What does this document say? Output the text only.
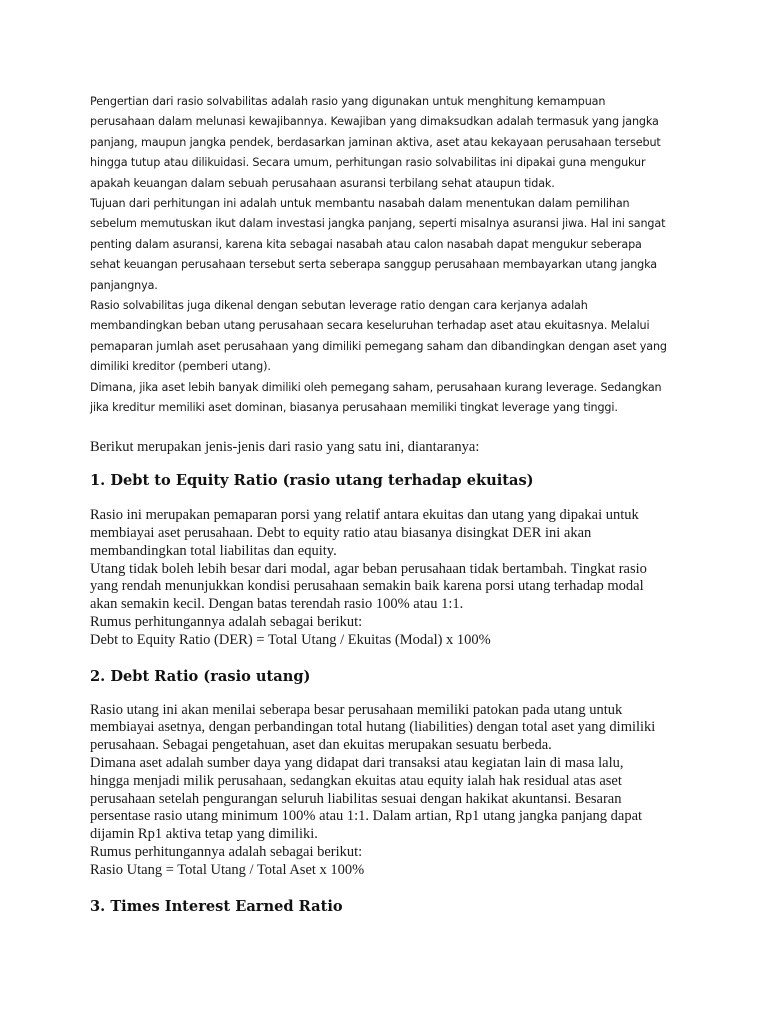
Pengertian dari rasio solvabilitas adalah rasio yang digunakan untuk menghitung kemampuan
perusahaan dalam melunasi kewajibannya. Kewajiban yang dimaksudkan adalah termasuk yang jangka
panjang, maupun jangka pendek, berdasarkan jaminan aktiva, aset atau kekayaan perusahaan tersebut
hingga tutup atau dilikuidasi. Secara umum, perhitungan rasio solvabilitas ini dipakai guna mengukur
apakah keuangan dalam sebuah perusahaan asuransi terbilang sehat ataupun tidak.
Tujuan dari perhitungan ini adalah untuk membantu nasabah dalam menentukan dalam pemilihan
sebelum memutuskan ikut dalam investasi jangka panjang, seperti misalnya asuransi jiwa. Hal ini sangat
penting dalam asuransi, karena kita sebagai nasabah atau calon nasabah dapat mengukur seberapa
sehat keuangan perusahaan tersebut serta seberapa sanggup perusahaan membayarkan utang jangka
panjangnya.
Rasio solvabilitas juga dikenal dengan sebutan leverage ratio dengan cara kerjanya adalah
membandingkan beban utang perusahaan secara keseluruhan terhadap aset atau ekuitasnya. Melalui
pemaparan jumlah aset perusahaan yang dimiliki pemegang saham dan dibandingkan dengan aset yang
dimiliki kreditor (pemberi utang).
Dimana, jika aset lebih banyak dimiliki oleh pemegang saham, perusahaan kurang leverage. Sedangkan
jika kreditur memiliki aset dominan, biasanya perusahaan memiliki tingkat leverage yang tinggi.
Berikut merupakan jenis-jenis dari rasio yang satu ini, diantaranya:
1. Debt to Equity Ratio (rasio utang terhadap ekuitas)
Rasio ini merupakan pemaparan porsi yang relatif antara ekuitas dan utang yang dipakai untuk
membiayai aset perusahaan. Debt to equity ratio atau biasanya disingkat DER ini akan
membandingkan total liabilitas dan equity.
Utang tidak boleh lebih besar dari modal, agar beban perusahaan tidak bertambah. Tingkat rasio
yang rendah menunjukkan kondisi perusahaan semakin baik karena porsi utang terhadap modal
akan semakin kecil. Dengan batas terendah rasio 100% atau 1:1.
Rumus perhitungannya adalah sebagai berikut:
Debt to Equity Ratio (DER) = Total Utang / Ekuitas (Modal) x 100%
2. Debt Ratio (rasio utang)
Rasio utang ini akan menilai seberapa besar perusahaan memiliki patokan pada utang untuk
membiayai asetnya, dengan perbandingan total hutang (liabilities) dengan total aset yang dimiliki
perusahaan. Sebagai pengetahuan, aset dan ekuitas merupakan sesuatu berbeda.
Dimana aset adalah sumber daya yang didapat dari transaksi atau kegiatan lain di masa lalu,
hingga menjadi milik perusahaan, sedangkan ekuitas atau equity ialah hak residual atas aset
perusahaan setelah pengurangan seluruh liabilitas sesuai dengan hakikat akuntansi. Besaran
persentase rasio utang minimum 100% atau 1:1. Dalam artian, Rp1 utang jangka panjang dapat
dijamin Rp1 aktiva tetap yang dimiliki.
Rumus perhitungannya adalah sebagai berikut:
Rasio Utang = Total Utang / Total Aset x 100%
3. Times Interest Earned Ratio
